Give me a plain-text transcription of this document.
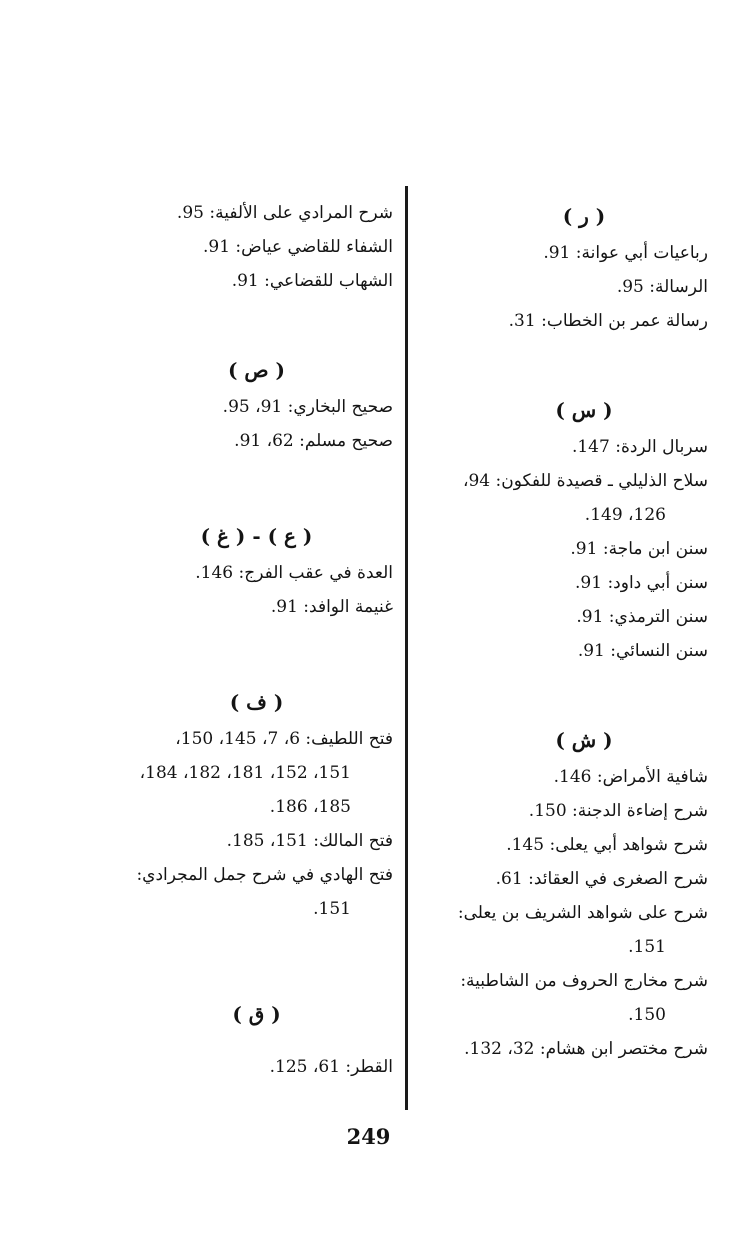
( ر )
رباعيات أبي عوانة: 91.
الرسالة: 95.
رسالة عمر بن الخطاب: 31.
( س )
سربال الردة: 147.
سلاح الذليلي ـ قصيدة للفكون: 94،
126، 149.
سنن ابن ماجة: 91.
سنن أبي داود: 91.
سنن الترمذي: 91.
سنن النسائي: 91.
( ش )
شافية الأمراض: 146.
شرح إضاءة الدجنة: 150.
شرح شواهد أبي يعلى: 145.
شرح الصغرى في العقائد: 61.
شرح على شواهد الشريف بن يعلى:
151.
شرح مخارج الحروف من الشاطبية:
150.
شرح مختصر ابن هشام: 32، 132.
شرح المرادي على الألفية: 95.
الشفاء للقاضي عياض: 91.
الشهاب للقضاعي: 91.
( ص )
صحيح البخاري: 91، 95.
صحيح مسلم: 62، 91.
( ع ) - ( غ )
العدة في عقب الفرج: 146.
غنيمة الوافد: 91.
( ف )
فتح اللطيف: 6، 7، 145، 150،
151، 152، 181، 182، 184،
185، 186.
فتح المالك: 151، 185.
فتح الهادي في شرح جمل المجرادي:
151.
( ق )
القطر: 61، 125.
249
